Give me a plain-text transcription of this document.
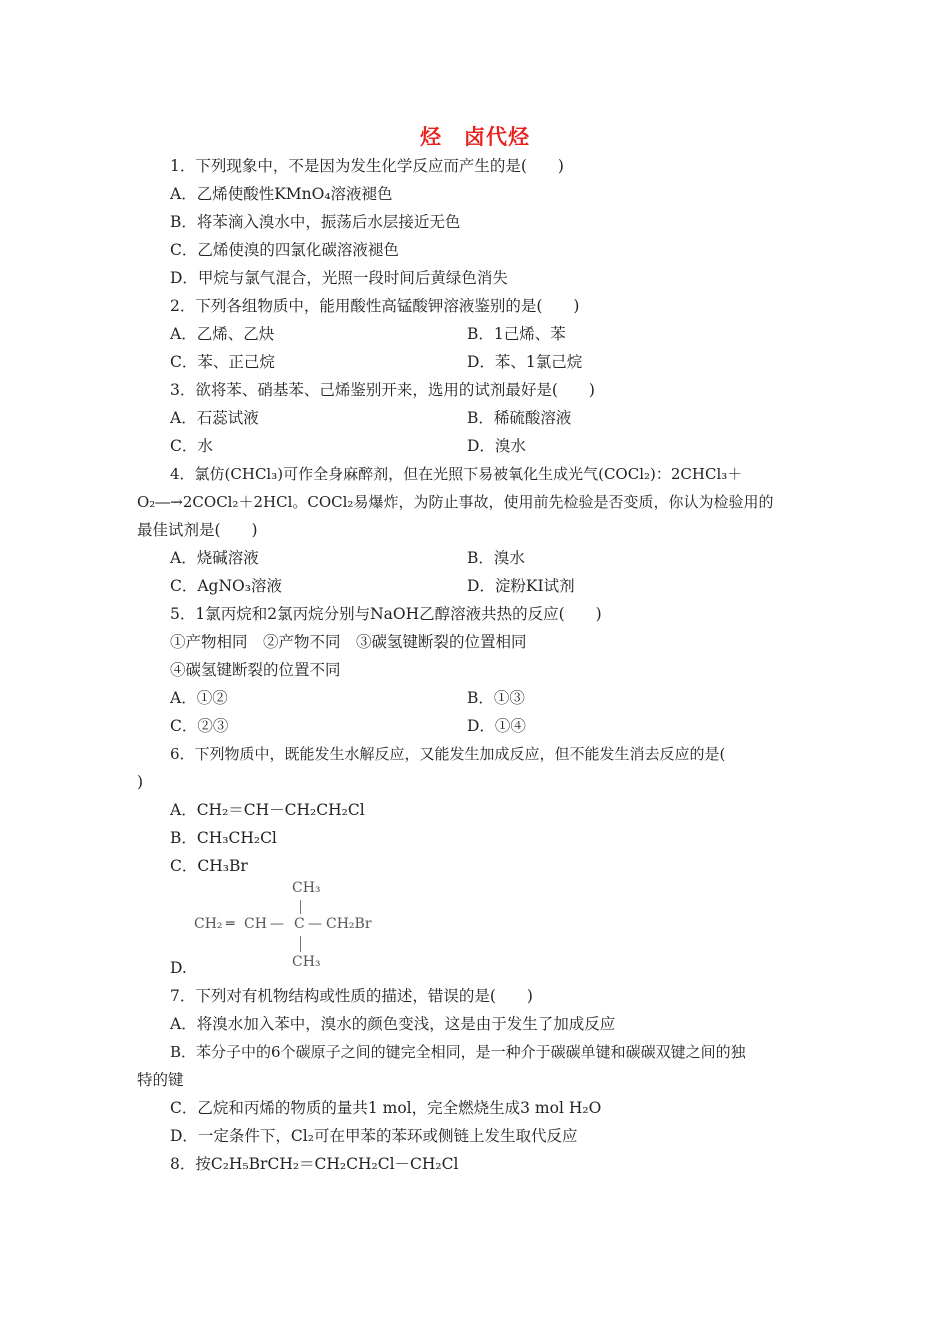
烃　卤代烃
1．下列现象中，不是因为发生化学反应而产生的是(　　)
A．乙烯使酸性KMnO₄溶液褪色
B．将苯滴入溴水中，振荡后水层接近无色
C．乙烯使溴的四氯化碳溶液褪色
D．甲烷与氯气混合，光照一段时间后黄绿色消失
2．下列各组物质中，能用酸性高锰酸钾溶液鉴别的是(　　)
A．乙烯、乙炔	B．1己烯、苯
C．苯、正己烷	D．苯、1氯己烷
3．欲将苯、硝基苯、己烯鉴别开来，选用的试剂最好是(　　)
A．石蕊试液	B．稀硫酸溶液
C．水	D．溴水
4．氯仿(CHCl₃)可作全身麻醉剂，但在光照下易被氧化生成光气(COCl₂)：2CHCl₃＋
O₂―→2COCl₂＋2HCl。COCl₂易爆炸，为防止事故，使用前先检验是否变质，你认为检验用的
最佳试剂是(　　)
A．烧碱溶液	B．溴水
C．AgNO₃溶液	D．淀粉KI试剂
5．1氯丙烷和2氯丙烷分别与NaOH乙醇溶液共热的反应(　　)
①产物相同　②产物不同　③碳氢键断裂的位置相同
④碳氢键断裂的位置不同
A．①②	B．①③
C．②③	D．①④
6．下列物质中，既能发生水解反应，又能发生加成反应，但不能发生消去反应的是(
)
A．CH₂＝CH－CH₂CH₂Cl
B．CH₃CH₂Cl
C．CH₃Br
CH₃
CH₂ ═ CH — C — CH₂Br
CH₃
D.
7．下列对有机物结构或性质的描述，错误的是(　　)
A．将溴水加入苯中，溴水的颜色变浅，这是由于发生了加成反应
B．苯分子中的6个碳原子之间的键完全相同，是一种介于碳碳单键和碳碳双键之间的独
特的键
C．乙烷和丙烯的物质的量共1 mol，完全燃烧生成3 mol H₂O
D．一定条件下，Cl₂可在甲苯的苯环或侧链上发生取代反应
8．按C₂H₅BrCH₂＝CH₂CH₂Cl－CH₂Cl
